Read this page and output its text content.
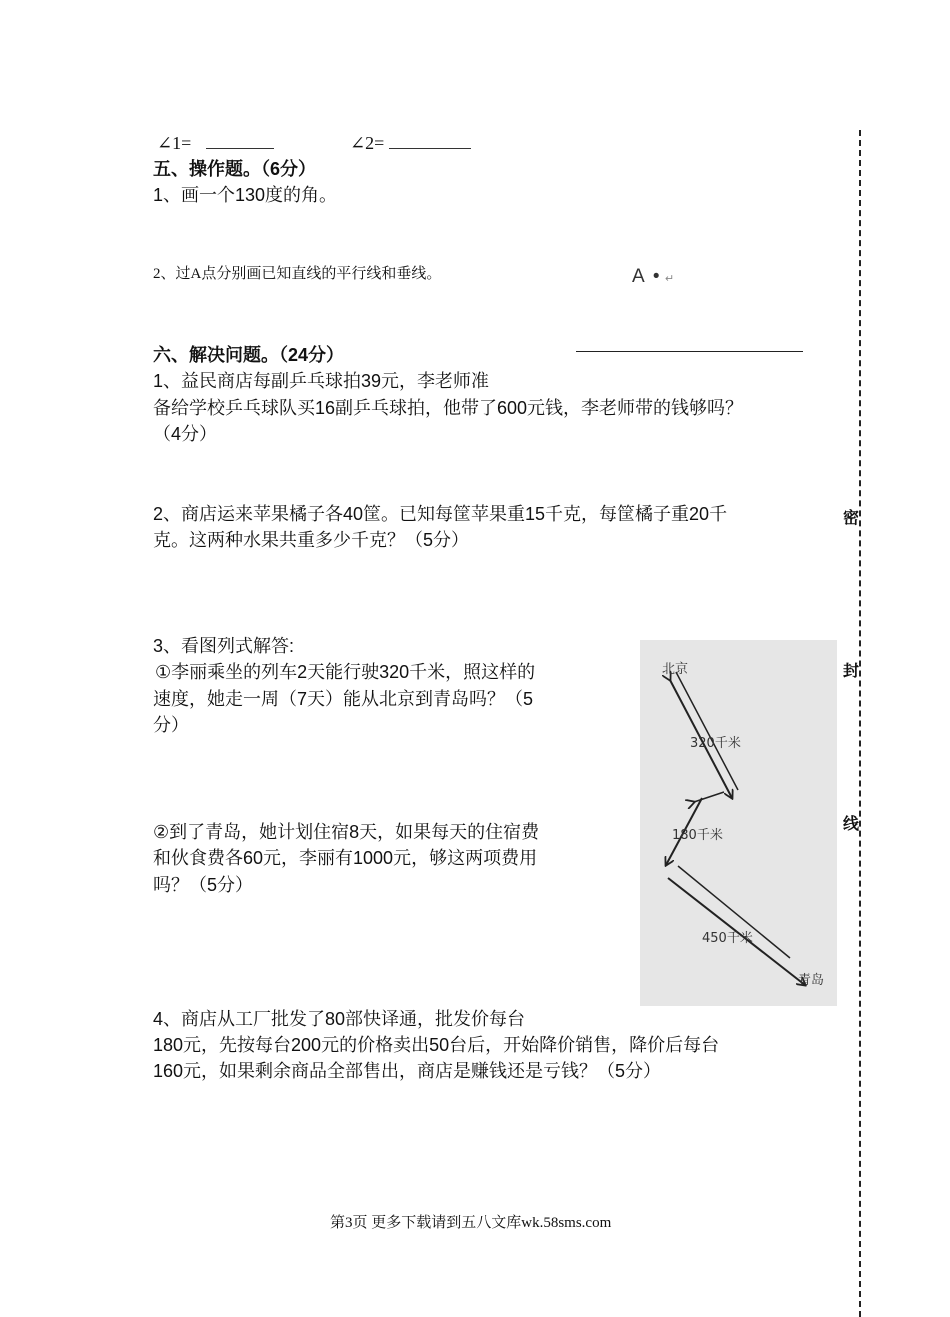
∠1=	∠2=
五、操作题。（6分）
1、画一个130度的角。
2、过A点分别画已知直线的平行线和垂线。	A • ↵
六、解决问题。（24分）
1、益民商店每副乒乓球拍39元，李老师准
备给学校乒乓球队买16副乒乓球拍，他带了600元钱，李老师带的钱够吗？
（4分）
2、商店运来苹果橘子各40筐。已知每筐苹果重15千克，每筐橘子重20千
克。这两种水果共重多少千克？（5分）
3、看图列式解答:
①李丽乘坐的列车2天能行驶320千米，照这样的
速度，她走一周（7天）能从北京到青岛吗？（5
分）
②到了青岛，她计划住宿8天，如果每天的住宿费
和伙食费各60元，李丽有1000元，够这两项费用
吗？（5分）
4、商店从工厂批发了80部快译通，批发价每台
180元，先按每台200元的价格卖出50台后，开始降价销售，降价后每台
160元，如果剩余商品全部售出，商店是赚钱还是亏钱？（5分）
北京
青岛
320千米
180千米
450千米
密
封
线
第3页 更多下载请到五八文库wk.58sms.com
